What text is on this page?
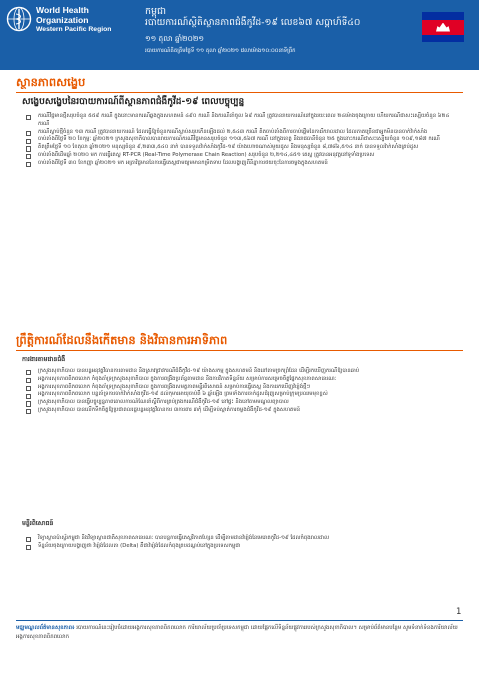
World Health
Organization
Western Pacific Region
កម្ពុជា
របាយការណ៍ស្ថិតិស្ថានភាពជំងឺកូវីដ-១៩ លេខ៦៧ សប្តាហ៍ទី៤០
១១ តុលា ឆ្នាំ២០២១
របាយការណ៍គិតត្រឹមថ្ងៃទី ១១ តុលា ឆ្នាំ២០២១ វេលាម៉ោង១០:០០នាទីព្រឹក
ស្ថានភាពសង្ខេប
សង្ខេបសង្ខេបនៃរបាយការណ៍ពីស្ថានភាពជំងឺកូវីដ-១៩ ពេលបច្ចុប្បន្ន
ករណីវិជ្ជមានថ្មីសរុបចំនួន ៥៥៩ ករណី ក្នុងនោះមានករណីឆ្លងក្នុងសហគមន៍ ៤៩០ ករណី និងករណីនាំចូល ៦៩ ករណី ត្រូវបានរាយការណ៍នៅក្នុងរយៈពេល ២៤ម៉ោងចុងក្រោយ ហើយករណីជាសះស្បើយចំនួន ៦២៤ ករណី
ករណីស្លាប់ថ្មីចំនួន ១៣ ករណី ត្រូវបានរាយការណ៍ ដែលធ្វើឱ្យចំនួនករណីស្លាប់សរុបកើនឡើងដល់ ២,៥៤៣ ករណី គិតចាប់តាំងពីការចាប់ផ្តើមនៃការរីករាលដាល ដែលភាគច្រើនជាអ្នកមិនបានចាក់វ៉ាក់សាំង
ចាប់តាំងពីថ្ងៃទី ២០ ខែកុម្ភៈ ឆ្នាំ២០២១ ក្រសួងសុខាភិបាលបានរាយការណ៍ករណីវិជ្ជមានសរុបចំនួន ១១៣,៥៦៧ ករណី នៅក្នុងខេត្ត និងរាជធានីចំនួន ២៥ ក្នុងនោះករណីជាសះស្បើយចំនួន ១០៩,១៨៧ ករណី
គិតត្រឹមថ្ងៃទី ១០ ខែតុលា ឆ្នាំ២០២១ មនុស្សចំនួន ៩,២៣៣,៥៤០ នាក់ បានទទួលវ៉ាក់សាំងកូវីដ-១៩ យ៉ាងហោចណាស់មួយដូស និងមនុស្សចំនួន ៨,៧៨៦,៥១៤ នាក់ បានទទួលវ៉ាក់សាំងគ្រប់ដូស
ចាប់តាំងពីដើមឆ្នាំ ២០២០ មក ការធ្វើតេស្ត RT-PCR (Real-Time Polymerase Chain Reaction) សរុបចំនួន ២,២១៤,៤៥១ តេស្ត ត្រូវបានអនុវត្តនៅទូទាំងប្រទេស
ចាប់តាំងពីថ្ងៃទី ៣០ ខែកញ្ញា ឆ្នាំ២០២១ មក អត្រាវិជ្ជមាននៃការធ្វើតេស្តជាមធ្យមមានកម្រិតទាប ដែលបង្ហាញពីនិន្នាការថយចុះនៃការចម្លងក្នុងសហគមន៍
ព្រឹត្តិការណ៍ដែលនឹងកើតមាន និងវិធានការអាទិភាព
ការងារតាមដានជំងឺ
ក្រសួងសុខាភិបាល បានបន្តអនុវត្តវិធានការតាមដាន និងស្រាវជ្រាវករណីជំងឺកូវីដ-១៩ យ៉ាងសកម្ម ក្នុងសហគមន៍ និងនៅតាមច្រកព្រំដែន ដើម្បីរកឃើញករណីឱ្យបានឆាប់
អង្គការសុខភាពពិភពលោក កំពុងគាំទ្រក្រសួងសុខាភិបាល ក្នុងការពង្រឹងប្រព័ន្ធតាមដាន និងការវិភាគទិន្នន័យ សម្រាប់ការសម្រេចចិត្តផ្នែកសុខភាពសាធារណៈ
អង្គការសុខភាពពិភពលោក កំពុងគាំទ្រក្រសួងសុខាភិបាល ក្នុងការពង្រឹងសមត្ថភាពមន្ទីរពិសោធន៍ សម្រាប់ការធ្វើតេស្ត និងការរកឃើញវ៉ារ្យ៉ង់ថ្មីៗ
អង្គការសុខភាពពិភពលោក បន្តគាំទ្រការចាក់វ៉ាក់សាំងកូវីដ-១៩ ដល់កុមារអាយុចាប់ពី ៦ ឆ្នាំឡើង ព្រមទាំងការចាក់ដូសជំរុញសម្រាប់ក្រុមប្រឈមមុខខ្ពស់
ក្រសួងសុខាភិបាល បានធ្វើបច្ចុប្បន្នភាពគោលការណ៍ណែនាំស្តីពីការគ្រប់គ្រងករណីជំងឺកូវីដ-១៩ នៅផ្ទះ និងនៅតាមមណ្ឌលព្យាបាល
ក្រសួងសុខាភិបាល បានលើកទឹកចិត្តឱ្យប្រជាពលរដ្ឋបន្តអនុវត្តវិធានការ ៣ការពារ ៣កុំ ដើម្បីទប់ស្កាត់ការចម្លងជំងឺកូវីដ-១៩ ក្នុងសហគមន៍
មន្ទីរពិសោធន៍
វិទ្យាស្ថានប៉ាស្ទ័រកម្ពុជា និងវិទ្យាស្ថានជាតិសុខភាពសាធារណៈ បានបន្តការធ្វើតេស្តវិភាគហ្សែន ដើម្បីតាមដានវ៉ារ្យ៉ង់នៃមេរោគកូវីដ-១៩ ដែលកំពុងរាលដាល
ទិន្នន័យចុងក្រោយបង្ហាញថា វ៉ារ្យ៉ង់ដែលតា (Delta) គឺជាវ៉ារ្យ៉ង់ដែលកំពុងគ្របដណ្តប់នៅក្នុងប្រទេសកម្ពុជា
1
មជ្ឈមណ្ឌលព័ត៌មានសុខភាព៖ របាយការណ៍នេះរៀបចំដោយអង្គការសុខភាពពិភពលោក ការិយាល័យប្រចាំប្រទេសកម្ពុជា ដោយផ្អែកលើទិន្នន័យផ្លូវការរបស់ក្រសួងសុខាភិបាល។ សម្រាប់ព័ត៌មានបន្ថែម សូមទំនាក់ទំនងការិយាល័យអង្គការសុខភាពពិភពលោក
